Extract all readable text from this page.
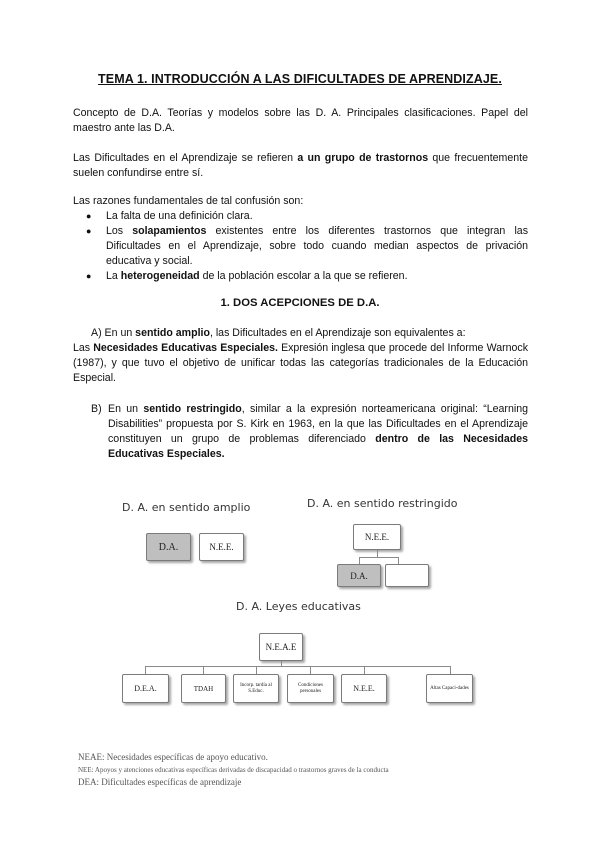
TEMA 1. INTRODUCCIÓN A LAS DIFICULTADES DE APRENDIZAJE.
Concepto de D.A. Teorías y modelos sobre las D. A. Principales clasificaciones. Papel del maestro ante las D.A.
Las Dificultades en el Aprendizaje se refieren a un grupo de trastornos que frecuentemente suelen confundirse entre sí.
Las razones fundamentales de tal confusión son:
● La falta de una definición clara.
● Los solapamientos existentes entre los diferentes trastornos que integran las Dificultades en el Aprendizaje, sobre todo cuando median aspectos de privación educativa y social.
● La heterogeneidad de la población escolar a la que se refieren.
1. DOS ACEPCIONES DE D.A.
A) En un sentido amplio, las Dificultades en el Aprendizaje son equivalentes a:
Las Necesidades Educativas Especiales. Expresión inglesa que procede del Informe Warnock (1987), y que tuvo el objetivo de unificar todas las categorías tradicionales de la Educación Especial.
B) En un sentido restringido, similar a la expresión norteamericana original: “Learning Disabilities” propuesta por S. Kirk en 1963, en la que las Dificultades en el Aprendizaje constituyen un grupo de problemas diferenciado dentro de las Necesidades Educativas Especiales.
D. A. en sentido amplio
D.A.	N.E.E.
D. A. en sentido restringido
N.E.E.
D.A.
D. A. Leyes educativas
N.E.A.E
D.E.A.	TDAH	Incorp. tardía al S.Educ.
Condiciones personales	N.E.E.	Altas Capaci-dades
NEAE: Necesidades específicas de apoyo educativo.
NEE: Apoyos y atenciones educativas específicas derivadas de discapacidad o trastornos graves de la conducta
DEA: Dificultades específicas de aprendizaje
